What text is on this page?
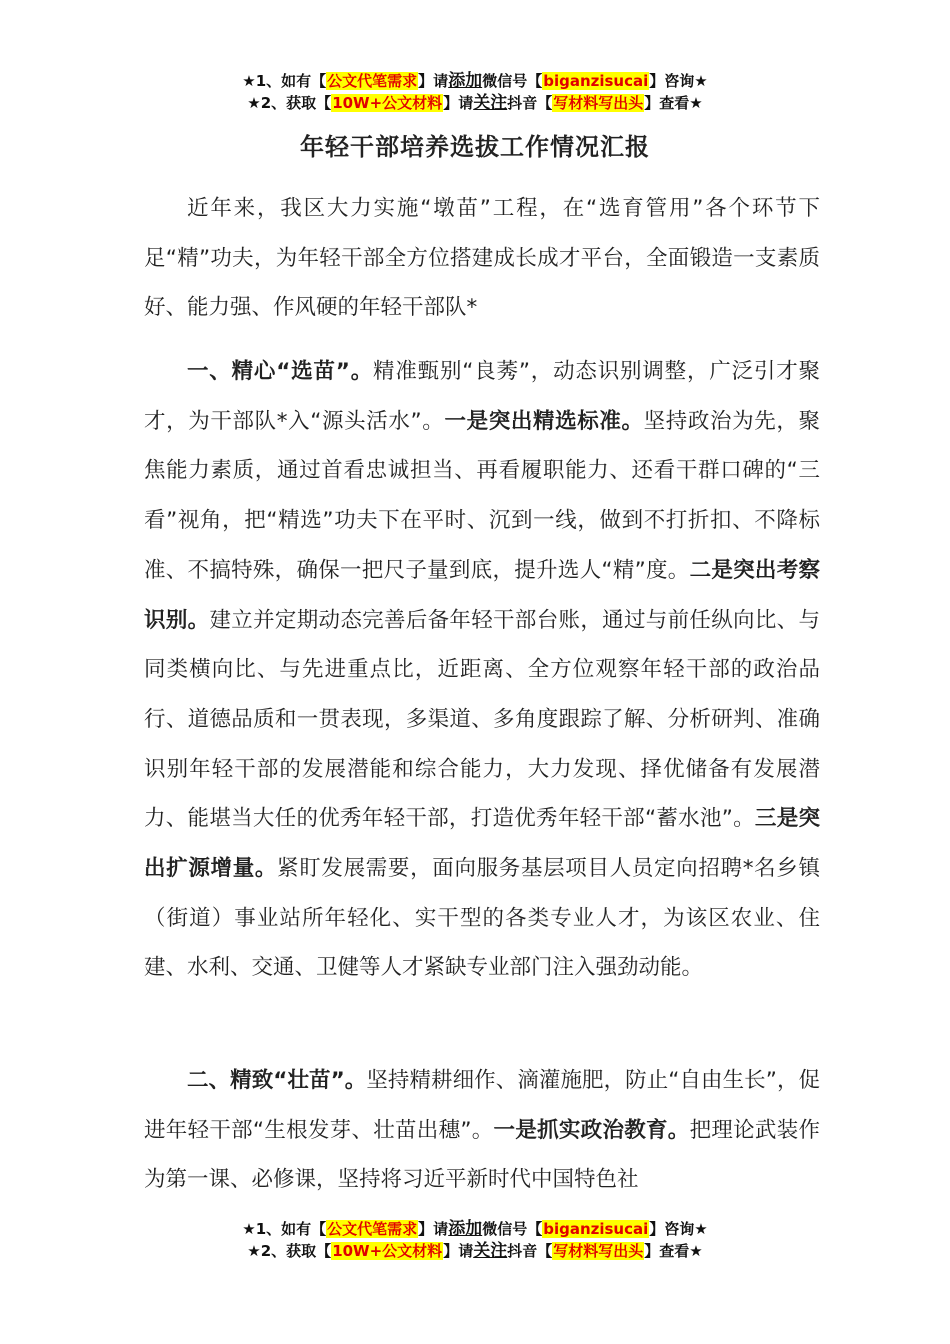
★1、如有【公文代笔需求】请添加微信号【biganzisucai】咨询★
★2、获取【10W+公文材料】请关注抖音【写材料写出头】查看★
年轻干部培养选拔工作情况汇报

近年来，我区大力实施“墩苗”工程，在“选育管用”各个环节下足“精”功夫，为年轻干部全方位搭建成长成才平台，全面锻造一支素质好、能力强、作风硬的年轻干部队*

一、精心“选苗”。精准甄别“良莠”，动态识别调整，广泛引才聚才，为干部队*入“源头活水”。一是突出精选标准。坚持政治为先，聚焦能力素质，通过首看忠诚担当、再看履职能力、还看干群口碑的“三看”视角，把“精选”功夫下在平时、沉到一线，做到不打折扣、不降标准、不搞特殊，确保一把尺子量到底，提升选人“精”度。二是突出考察识别。建立并定期动态完善后备年轻干部台账，通过与前任纵向比、与同类横向比、与先进重点比，近距离、全方位观察年轻干部的政治品行、道德品质和一贯表现，多渠道、多角度跟踪了解、分析研判、准确识别年轻干部的发展潜能和综合能力，大力发现、择优储备有发展潜力、能堪当大任的优秀年轻干部，打造优秀年轻干部“蓄水池”。三是突出扩源增量。紧盯发展需要，面向服务基层项目人员定向招聘*名乡镇（街道）事业站所年轻化、实干型的各类专业人才，为该区农业、住建、水利、交通、卫健等人才紧缺专业部门注入强劲动能。

二、精致“壮苗”。坚持精耕细作、滴灌施肥，防止“自由生长”，促进年轻干部“生根发芽、壮苗出穗”。一是抓实政治教育。把理论武装作为第一课、必修课，坚持将习近平新时代中国特色社

★1、如有【公文代笔需求】请添加微信号【biganzisucai】咨询★
★2、获取【10W+公文材料】请关注抖音【写材料写出头】查看★
